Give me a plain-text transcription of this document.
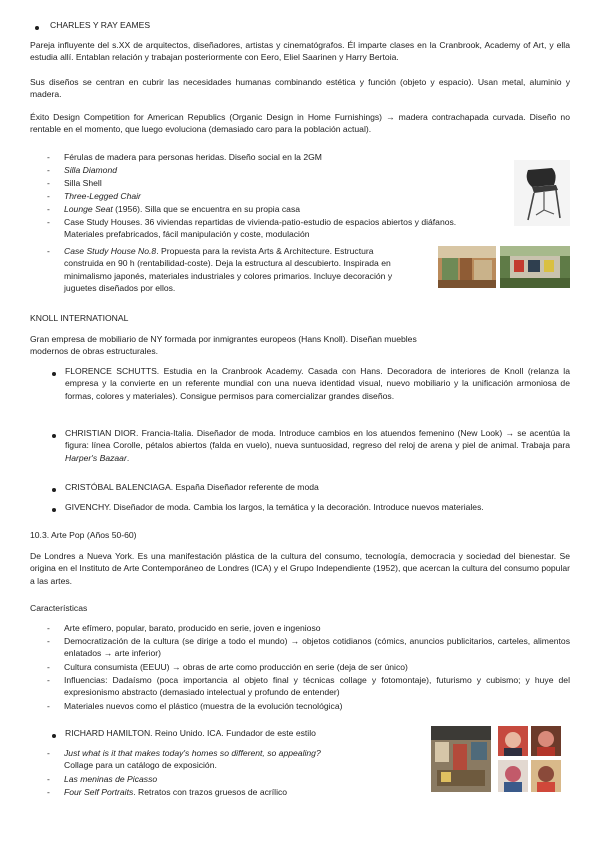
CHARLES Y RAY EAMES
Pareja influyente del s.XX de arquitectos, diseñadores, artistas y cinematógrafos. Él imparte clases en la Cranbrook, Academy of Art, y ella estudia allí. Entablan relación y trabajan posteriormente con Eero, Eliel Saarinen y Harry Bertoia.
Sus diseños se centran en cubrir las necesidades humanas combinando estética y función (objeto y espacio). Usan metal, aluminio y madera.
Éxito Design Competition for American Republics (Organic Design in Home Furnishings) → madera contrachapada curvada. Diseño no rentable en el momento, que luego evoluciona (demasiado caro para la población actual).
- Férulas de madera para personas heridas. Diseño social en la 2GM
- Silla Diamond
- Silla Shell
- Three-Legged Chair
- Lounge Seat (1956). Silla que se encuentra en su propia casa
- Case Study Houses. 36 viviendas repartidas de vivienda-patio-estudio de espacios abiertos y diáfanos. Materiales prefabricados, fácil manipulación y coste, modulación
- Case Study House No.8. Propuesta para la revista Arts & Architecture. Estructura construida en 90 h (rentabilidad-coste). Deja la estructura al descubierto. Inspirada en minimalismo japonés, materiales industriales y colores primarios. Incluye decoración y juguetes diseñados por ellos.
KNOLL INTERNATIONAL
Gran empresa de mobiliario de NY formada por inmigrantes europeos (Hans Knoll). Diseñan muebles modernos de obras estructurales.
FLORENCE SCHUTTS. Estudia en la Cranbrook Academy. Casada con Hans. Decoradora de interiores de Knoll (relanza la empresa y la convierte en un referente mundial con una nueva identidad visual, nuevo mobiliario y la unificación armoniosa de formas, colores y materiales). Consigue permisos para comercializar grandes diseños.
CHRISTIAN DIOR. Francia-Italia. Diseñador de moda. Introduce cambios en los atuendos femenino (New Look) → se acentúa la figura: línea Corolle, pétalos abiertos (falda en vuelo), nueva suntuosidad, regreso del reloj de arena y piel de animal. Trabaja para Harper's Bazaar.
CRISTÓBAL BALENCIAGA. España Diseñador referente de moda
GIVENCHY. Diseñador de moda. Cambia los largos, la temática y la decoración. Introduce nuevos materiales.
10.3. Arte Pop (Años 50-60)
De Londres a Nueva York. Es una manifestación plástica de la cultura del consumo, tecnología, democracia y sociedad del bienestar. Se origina en el Instituto de Arte Contemporáneo de Londres (ICA) y el Grupo Independiente (1952), que acercan la cultura del consumo popular a las artes.
Características
- Arte efímero, popular, barato, producido en serie, joven e ingenioso
- Democratización de la cultura (se dirige a todo el mundo) → objetos cotidianos (cómics, anuncios publicitarios, carteles, alimentos enlatados → arte inferior)
- Cultura consumista (EEUU) → obras de arte como producción en serie (deja de ser único)
- Influencias: Dadaísmo (poca importancia al objeto final y técnicas collage y fotomontaje), futurismo y cubismo; y huye del expresionismo abstracto (demasiado intelectual y profundo de entender)
- Materiales nuevos como el plástico (muestra de la evolución tecnológica)
RICHARD HAMILTON. Reino Unido. ICA. Fundador de este estilo
- Just what is it that makes today's homes so different, so appealing?
Collage para un catálogo de exposición.
- Las meninas de Picasso
- Four Self Portraits. Retratos con trazos gruesos de acrílico
